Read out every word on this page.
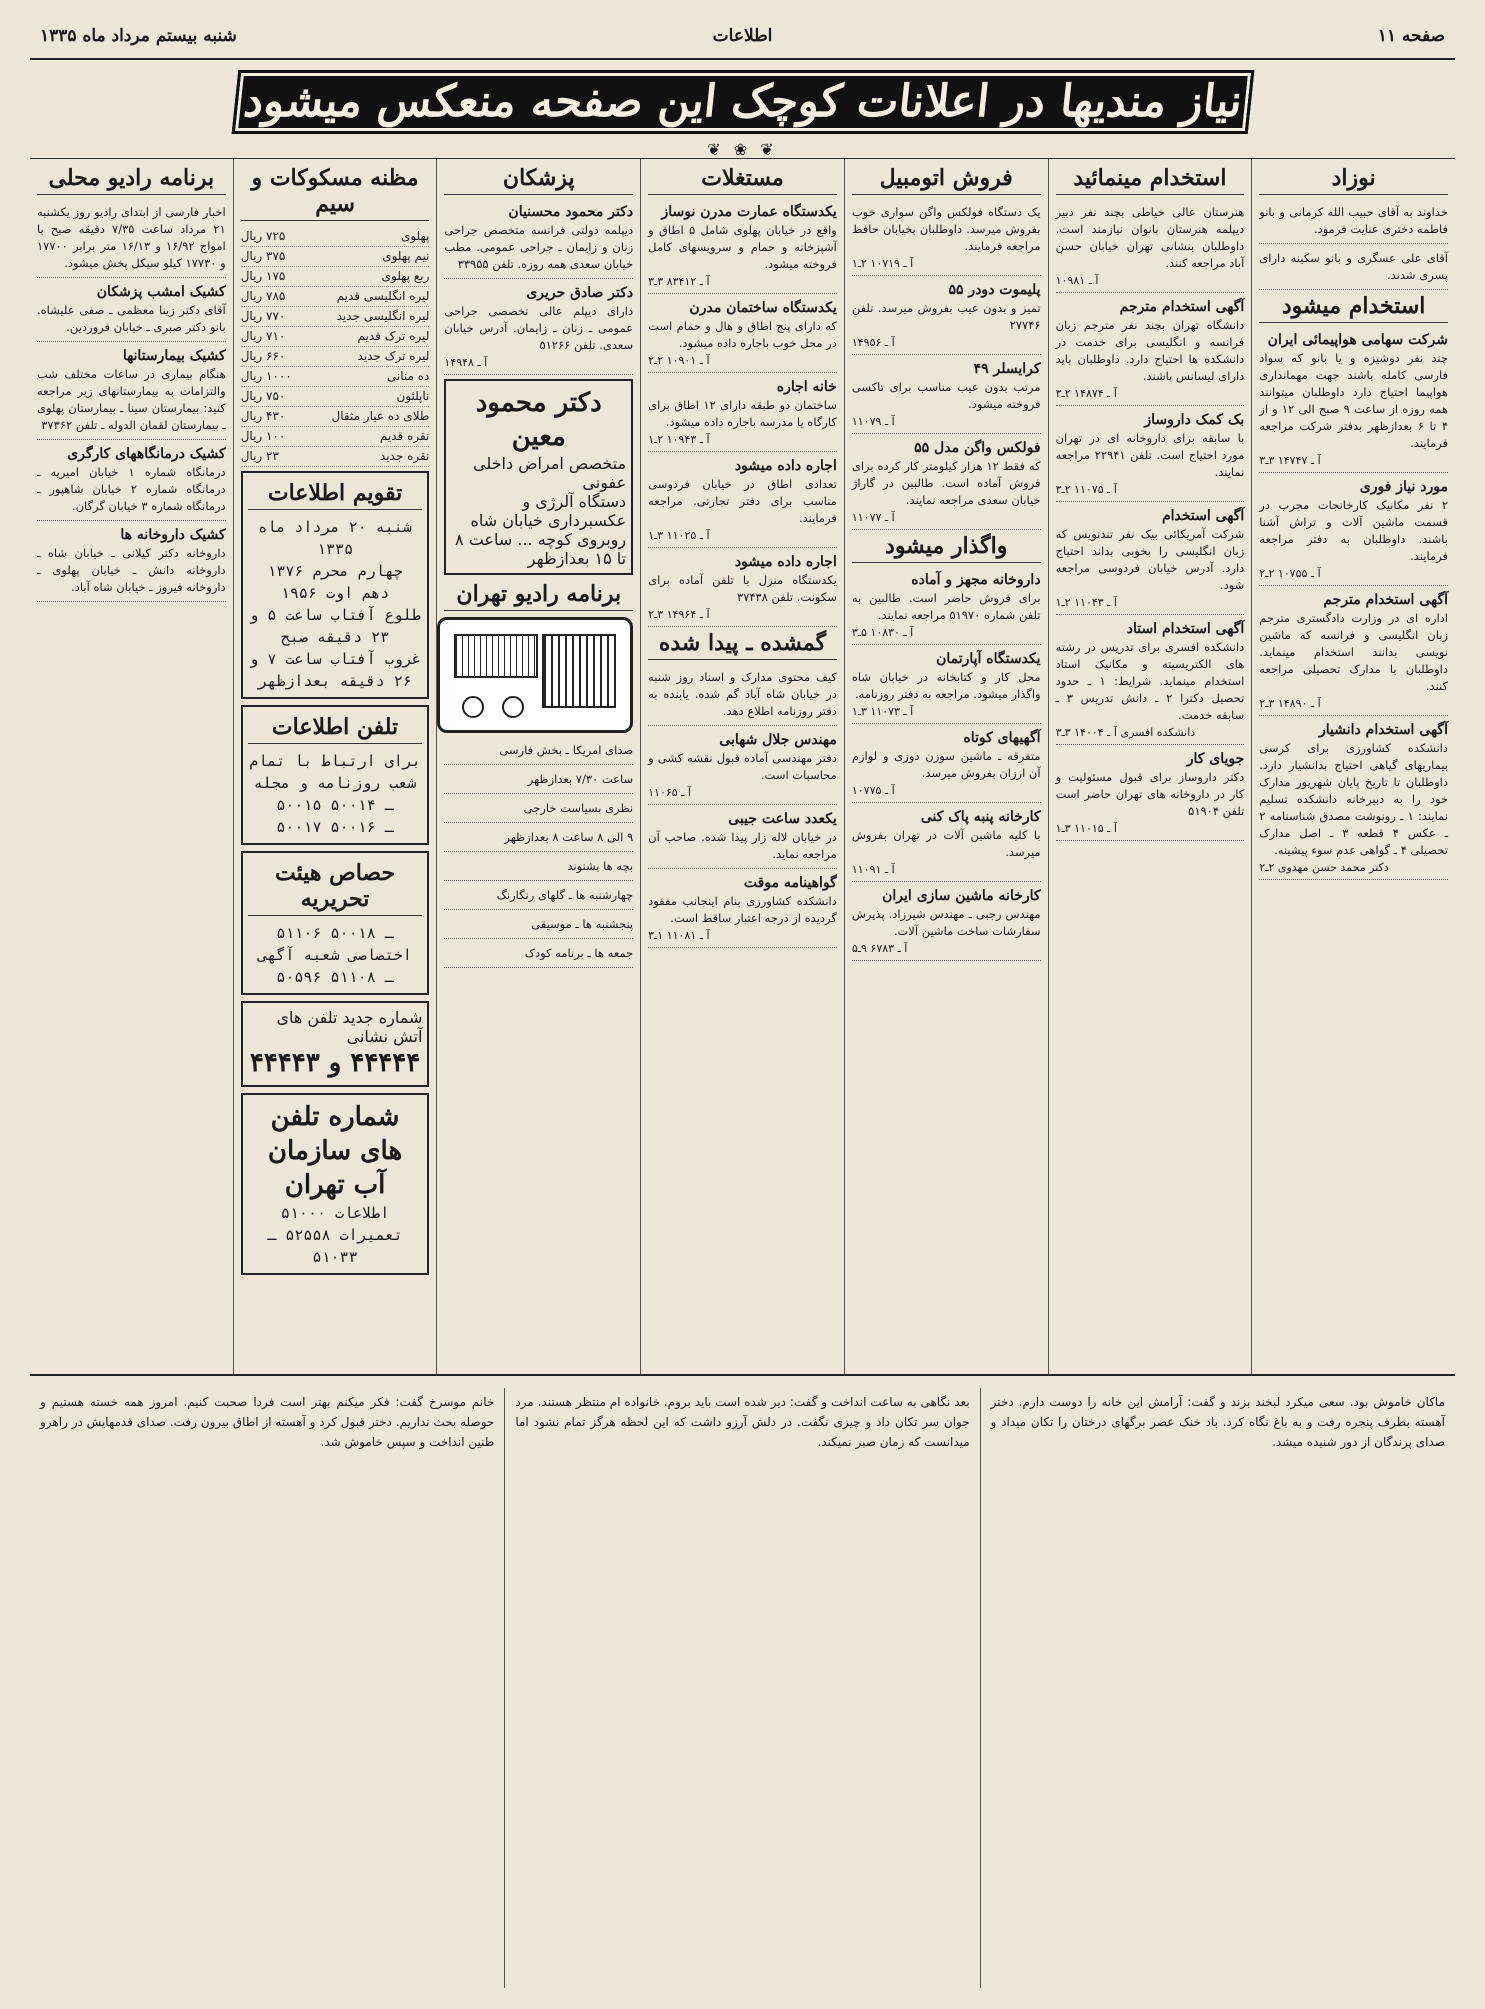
صفحه ۱۱
اطلاعات
شنبه بیستم مرداد ماه ۱۳۳۵
نیاز مندیها در اعلانات کوچک این صفحه منعکس میشود
❦ ❀ ❦
نوزاد
خداوند به آقای حبیب الله کرمانی و بانو فاطمه دختری عنایت فرمود.
آقای علی عسگری و بانو سکینه دارای پسری شدند.
استخدام میشود
شرکت سهامی هواپیمائی ایران
چند نفر دوشیزه و یا بانو که سواد فارسی کامله باشند جهت مهمانداری هواپیما احتیاج دارد داوطلبان میتوانند همه روزه از ساعت ۹ صبح الی ۱۲ و از ۴ تا ۶ بعدازظهر بدفتر شرکت مراجعه فرمایند.
آ ـ ۱۴۷۴۷ ۳ـ۳
مورد نیاز فوری
۲ نفر مکانیک کارخانجات مجرب در قسمت ماشین آلات و تراش آشنا باشند. داوطلبان به دفتر مراجعه فرمایند.
آ ـ ۱۰۷۵۵ ۲ـ۲
آگهی استخدام مترجم
اداره ای در وزارت دادگستری مترجم زبان انگلیسی و فرانسه که ماشین نویسی بدانند استخدام مینماید. داوطلبان با مدارک تحصیلی مراجعه کنند.
آ ـ ۱۴۸۹۰ ۳ـ۲
آگهی استخدام دانشیار
دانشکده کشاورزی برای کرسی بیماریهای گیاهی احتیاج بدانشیار دارد. داوطلبان تا تاریخ پایان شهریور مدارک خود را به دبیرخانه دانشکده تسلیم نمایند: ۱ ـ رونوشت مصدق شناسنامه ۲ ـ عکس ۴ قطعه ۳ ـ اصل مدارک تحصیلی ۴ ـ گواهی عدم سوء پیشینه.
دکتر محمد حسن مهدوی ۲ـ۲
استخدام مینمائید
هنرستان عالی خیاطی بچند نفر دبیر دیپلمه هنرستان بانوان نیازمند است. داوطلبان بنشانی تهران خیابان حسن آباد مراجعه کنند.
آ ـ ۱۰۹۸۱
آگهی استخدام مترجم
دانشگاه تهران بچند نفر مترجم زبان فرانسه و انگلیسی برای خدمت در دانشکده ها احتیاج دارد. داوطلبان باید دارای لیسانس باشند.
آ ـ ۱۴۸۷۴ ۲ـ۳
بک کمک داروساز
با سابقه برای داروخانه ای در تهران مورد احتیاج است. تلفن ۲۲۹۴۱ مراجعه نمایند.
آ ـ ۱۱۰۷۵ ۲ـ۳
آگهی استخدام
شرکت آمریکائی بیک نفر تندنویس که زبان انگلیسی را بخوبی بداند احتیاج دارد. آدرس خیابان فردوسی مراجعه شود.
آ ـ ۱۱۰۴۳ ۲ـ۱
آگهی استخدام استاد
دانشکده افسری برای تدریس در رشته های الکتریسیته و مکانیک استاد استخدام مینماید. شرایط: ۱ ـ حدود تحصیل دکترا ۲ ـ دانش تدریس ۳ ـ سابقه خدمت.
دانشکده افسری آ ـ ۱۴۰۰۴ ۳ـ۳
جویای کار
دکتر داروساز برای قبول مسئولیت و کار در داروخانه های تهران حاضر است تلفن ۵۱۹۰۴
آ ـ ۱۱۰۱۵ ۳ـ۱
فروش اتومبیل
یک دستگاه فولکس واگن سواری خوب بفروش میرسد. داوطلبان بخیابان حافظ مراجعه فرمایند.
آ ـ ۱۰۷۱۹ ۲ـ۱
پلیموت دودر ۵۵
تمیز و بدون عیب بفروش میرسد. تلفن ۲۷۷۴۶
آ ـ ۱۴۹۵۶
کرایسلر ۴۹
مرتب بدون عیب مناسب برای تاکسی فروخته میشود.
آ ـ ۱۱۰۷۹
فولکس واگن مدل ۵۵
که فقط ۱۲ هزار کیلومتر کار کرده برای فروش آماده است. طالبین در گاراژ خیابان سعدی مراجعه نمایند.
آ ـ ۱۱۰۷۷
واگذار میشود
داروخانه مجهز و آماده
برای فروش حاضر است. طالبین به تلفن شماره ۵۱۹۷۰ مراجعه نمایند.
آ ـ ۱۰۸۳۰ ۵ـ۳
یکدستگاه آپارتمان
محل کار و کتابخانه در خیابان شاه واگذار میشود. مراجعه به دفتر روزنامه.
آ ـ ۱۱۰۷۳ ۳ـ۱
آگهیهای کوتاه
متفرقه ـ ماشین سوزن دوزی و لوازم آن ارزان بفروش میرسد.
آ ـ ۱۰۷۷۵
کارخانه پنبه پاک کنی
با کلیه ماشین آلات در تهران بفروش میرسد.
آ ـ ۱۱۰۹۱
کارخانه ماشین سازی ایران
مهندس رجبی ـ مهندس شیرزاد. پذیرش سفارشات ساخت ماشین آلات.
آ ـ ۶۷۸۳ ۹ـ۵
مستغلات
یکدستگاه عمارت مدرن نوساز
واقع در خیابان پهلوی شامل ۵ اطاق و آشپزخانه و حمام و سرویسهای کامل فروخته میشود.
آ ـ ۸۳۴۱۲ ۳ـ۳
یکدستگاه ساختمان مدرن
که دارای پنج اطاق و هال و حمام است در محل خوب باجاره داده میشود.
آ ـ ۱۰۹۰۱ ۲ـ۲
خانه اجاره
ساختمان دو طبقه دارای ۱۲ اطاق برای کارگاه یا مدرسه باجاره داده میشود.
آ ـ ۱۰۹۴۳ ۲ـ۱
اجاره داده میشود
تعدادی اطاق در خیابان فردوسی مناسب برای دفتر تجارتی. مراجعه فرمایند.
آ ـ ۱۱۰۲۵ ۳ـ۱
اجاره داده میشود
یکدستگاه منزل با تلفن آماده برای سکونت. تلفن ۳۷۴۳۸
آ ـ ۱۴۹۶۴ ۳ـ۲
گمشده ـ پیدا شده
کیف محتوی مدارک و اسناد روز شنبه در خیابان شاه آباد گم شده. یابنده به دفتر روزنامه اطلاع دهد.
مهندس جلال شهابی
دفتر مهندسی آماده قبول نقشه کشی و محاسبات است.
آ ـ ۱۱۰۶۵
یکعدد ساعت جیبی
در خیابان لاله زار پیدا شده. صاحب آن مراجعه نماید.
گواهینامه موقت
دانشکده کشاورزی بنام اینجانب مفقود گردیده از درجه اعتبار ساقط است.
آ ـ ۱۱۰۸۱ ۱ـ۳
پزشکان
دکتر محمود محسنیان
دیپلمه دولتی فرانسه متخصص جراحی زنان و زایمان ـ جراحی عمومی. مطب خیابان سعدی همه روزه. تلفن ۳۳۹۵۵
دکتر صادق حریری
دارای دیپلم عالی تخصصی جراحی عمومی ـ زنان ـ زایمان. آدرس خیابان سعدی. تلفن ۵۱۲۶۶
آ ـ ۱۴۹۴۸
دکتر محمود معین
متخصص امراض داخلی عفونی
دستگاه آلرژی و عکسبرداری خیابان شاه روبروی کوچه ... ساعت ۸ تا ۱۵ بعدازظهر
برنامه رادیو تهران
صدای امریکا ـ بخش فارسی
ساعت ۷/۳۰ بعدازظهر
نظری بسیاست خارجی
۹ الی ۸ ساعت ۸ بعدازظهر
بچه ها بشنوند
چهارشنبه ها ـ گلهای رنگارنگ
پنجشنبه ها ـ موسیقی
جمعه ها ـ برنامه کودک
مظنه مسکوکات و سیم
پهلوی
۷۲۵ ریال
نیم پهلوی
۳۷۵ ریال
ربع پهلوی
۱۷۵ ریال
لیره انگلیسی قدیم
۷۸۵ ریال
لیره انگلیسی جدید
۷۷۰ ریال
لیره ترک قدیم
۷۱۰ ریال
لیره ترک جدید
۶۶۰ ریال
ده منانی
۱۰۰۰ ریال
ناپلئون
۷۵۰ ریال
طلای ده عیار مثقال
۴۳۰ ریال
نقره قدیم
۱۰۰ ریال
نقره جدید
۲۳ ریال
تقویم اطلاعات
شنبه ۲۰ مرداد ماه ۱۳۳۵
چهارم محرم ۱۳۷۶
دهم اوت ۱۹۵۶
طلوع آفتاب ساعت ۵ و ۲۳ دقیقه صبح
غروب آفتاب ساعت ۷ و ۲۶ دقیقه بعدازظهر
تلفن اطلاعات
برای ارتباط با تمام شعب روزنامه و مجله
۵۰۰۱۵ ـ ۵۰۰۱۴
۵۰۰۱۷ ـ ۵۰۰۱۶
حصاص هیئت تحریریه
۵۱۱۰۶ ـ ۵۰۰۱۸
اختصاصی شعبه آگهی
۵۰۵۹۶ ـ ۵۱۱۰۸
شماره جدید تلفن های آتش نشانی
۴۴۴۴۴ و ۴۴۴۴۳
شماره تلفن های سازمان آب تهران
اطلاعات ۵۱۰۰۰
تعمیرات ۵۲۵۵۸ ـ ۵۱۰۳۳
برنامه رادیو محلی
اخبار فارسی از ابتدای رادیو روز یکشنبه ۲۱ مرداد ساعت ۷/۳۵ دقیقه صبح با امواج ۱۶/۹۲ و ۱۶/۱۳ متر برابر ۱۷۷۰۰ و ۱۷۷۳۰ کیلو سیکل پخش میشود.
کشیک امشب پزشکان
آقای دکتر زینا معظمی ـ صفی علیشاه. بانو دکتر صبری ـ خیابان فروردین.
کشیک بیمارستانها
هنگام بیماری در ساعات مختلف شب والتزامات به بیمارستانهای زیر مراجعه کنید: بیمارستان سینا ـ بیمارستان پهلوی ـ بیمارستان لقمان الدوله ـ تلفن ۳۷۳۶۲
کشیک درمانگاههای کارگری
درمانگاه شماره ۱ خیابان امیریه ـ درمانگاه شماره ۲ خیابان شاهپور ـ درمانگاه شماره ۳ خیابان گرگان.
کشیک داروخانه ها
داروخانه دکتر کیلانی ـ خیابان شاه ـ داروخانه دانش ـ خیابان پهلوی ـ داروخانه فیروز ـ خیابان شاه آباد.
ماکان خاموش بود. سعی میکرد لبخند بزند و گفت: آرامش این خانه را دوست دارم. دختر آهسته بطرف پنجره رفت و به باغ نگاه کرد. باد خنک عصر برگهای درختان را تکان میداد و صدای پرندگان از دور شنیده میشد.
بعد نگاهی به ساعت انداخت و گفت: دیر شده است باید بروم. خانواده ام منتظر هستند. مرد جوان سر تکان داد و چیزی نگفت. در دلش آرزو داشت که این لحظه هرگز تمام نشود اما میدانست که زمان صبر نمیکند.
خانم موسرخ گفت: فکر میکنم بهتر است فردا صحبت کنیم. امروز همه خسته هستیم و حوصله بحث نداریم. دختر قبول کرد و آهسته از اطاق بیرون رفت. صدای قدمهایش در راهرو طنین انداخت و سپس خاموش شد.
